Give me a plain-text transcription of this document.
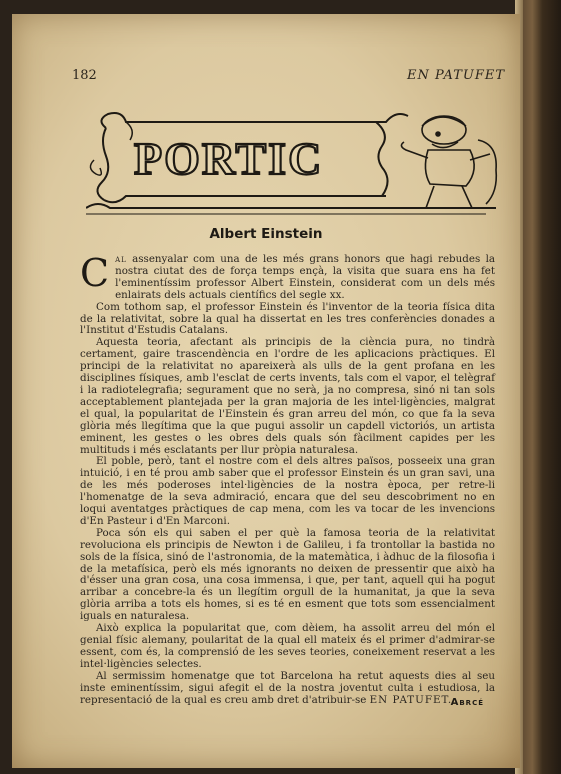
182	EN PATUFET
PORTIC
Albert Einstein

Cal assenyalar com una de les més grans honors que hagi rebudes la nostra ciutat des de força temps ençà, la visita que suara ens ha fet l'eminentíssim professor Albert Einstein, considerat com un dels més enlairats dels actuals científics del segle xx.

Com tothom sap, el professor Einstein és l'inventor de la teoria física dita de la relativitat, sobre la qual ha dissertat en les tres conferències donades a l'Institut d'Estudis Catalans.

Aquesta teoria, afectant als principis de la ciència pura, no tindrà certament, gaire trascendència en l'ordre de les aplicacions pràctiques. El principi de la relativitat no apareixerà als ulls de la gent profana en les disciplines físiques, amb l'esclat de certs invents, tals com el vapor, el telègraf i la radiotelegrafia; segurament que no serà, ja no compresa, sinó ni tan sols acceptablement plantejada per la gran majoria de les intel·ligències, malgrat el qual, la popularitat de l'Einstein és gran arreu del món, co que fa la seva glòria més llegítima que la que pugui assolir un capdell victoriós, un artista eminent, les gestes o les obres dels quals són fàcilment capides per les multituds i més esclatants per llur pròpia naturalesa.

El poble, però, tant el nostre com el dels altres països, posseeix una gran intuició, i en té prou amb saber que el professor Einstein és un gran savi, una de les més poderoses intel·ligències de la nostra època, per retre-li l'homenatge de la seva admiració, encara que del seu descobriment no en loqui aventatges pràctiques de cap mena, com les va tocar de les invencions d'En Pasteur i d'En Marconi.

Poca són els qui saben el per què la famosa teoria de la relativitat revoluciona els principis de Newton i de Galileu, i fa trontollar la bastida no sols de la física, sinó de l'astronomia, de la matemàtica, i àdhuc de la filosofia i de la metafísica, però els més ignorants no deixen de pressentir que això ha d'ésser una gran cosa, una cosa immensa, i que, per tant, aquell qui ha pogut arribar a concebre-la és un llegítim orgull de la humanitat, ja que la seva glòria arriba a tots els homes, si es té en esment que tots som essencialment iguals en naturalesa.

Això explica la popularitat que, com dèiem, ha assolit arreu del món el genial físic alemany, poularitat de la qual ell mateix és el primer d'admirar-se essent, com és, la comprensió de les seves teories, coneixement reservat a les intel·ligències selectes.

Al sermissim homenatge que tot Barcelona ha retut aquests dies al seu inste eminentíssim, sigui afegit el de la nostra joventut culta i estudiosa, la representació de la qual es creu amb dret d'atribuir-se EN PATUFET.

Abrcé
